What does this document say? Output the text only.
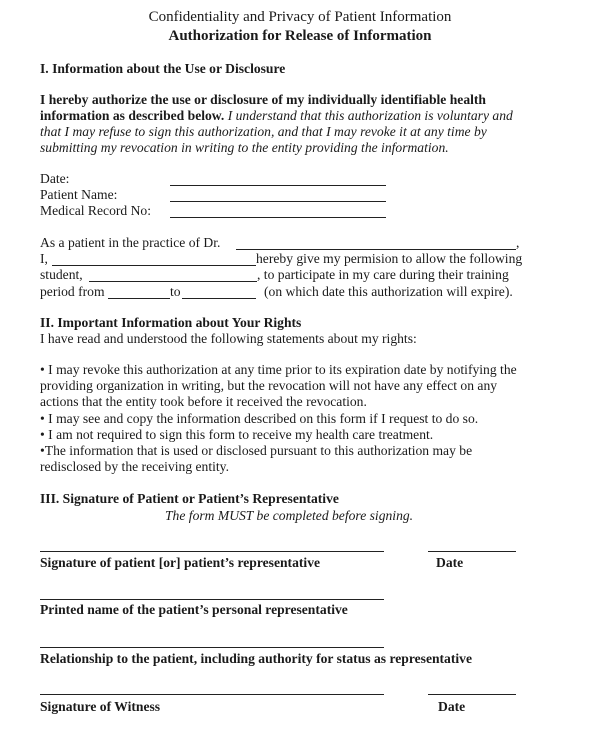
Confidentiality and Privacy of Patient Information
Authorization for Release of Information
I. Information about the Use or Disclosure
I hereby authorize the use or disclosure of my individually identifiable health
information as described below. I understand that this authorization is voluntary and
that I may refuse to sign this authorization, and that I may revoke it at any time by
submitting my revocation in writing to the entity providing the information.
Date:
Patient Name:
Medical Record No:
As a patient in the practice of Dr.	,
I,	hereby give my permision to allow the following
student,	, to participate in my care during their training
period from	to	(on which date this authorization will expire).
II. Important Information about Your Rights
I have read and understood the following statements about my rights:
• I may revoke this authorization at any time prior to its expiration date by notifying the
providing organization in writing, but the revocation will not have any effect on any
actions that the entity took before it received the revocation.
• I may see and copy the information described on this form if I request to do so.
• I am not required to sign this form to receive my health care treatment.
•The information that is used or disclosed pursuant to this authorization may be
redisclosed by the receiving entity.
III. Signature of Patient or Patient’s Representative
The form MUST be completed before signing.
Signature of patient [or] patient’s representative	Date
Printed name of the patient’s personal representative
Relationship to the patient, including authority for status as representative
Signature of Witness	Date
